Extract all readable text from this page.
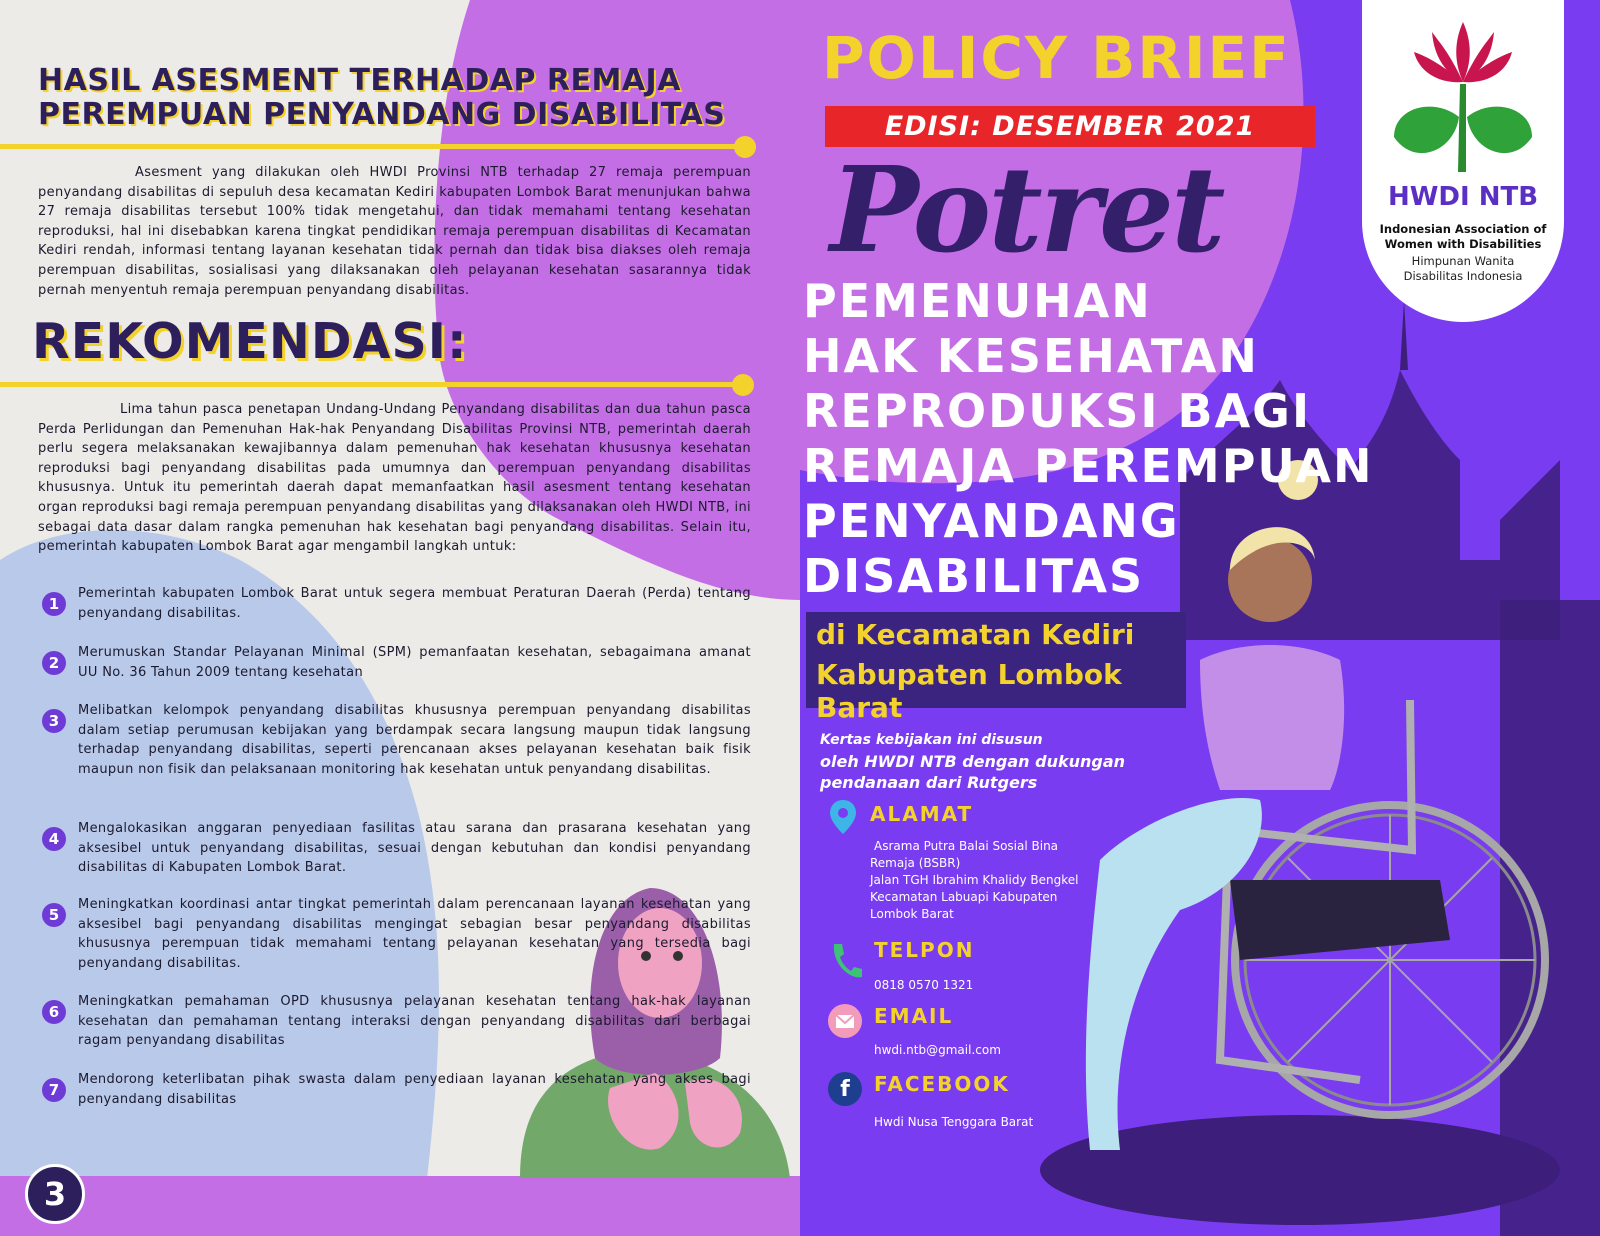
HASIL ASESMENT TERHADAP REMAJA
PEREMPUAN PENYANDANG DISABILITAS
Asesment yang dilakukan oleh HWDI Provinsi NTB terhadap 27 remaja perempuan penyandang disabilitas di sepuluh desa kecamatan Kediri kabupaten Lombok Barat menunjukan bahwa 27 remaja disabilitas tersebut 100% tidak mengetahui, dan tidak memahami tentang kesehatan reproduksi, hal ini disebabkan karena tingkat pendidikan remaja perempuan disabilitas di Kecamatan Kediri rendah, informasi tentang layanan kesehatan tidak pernah dan tidak bisa diakses oleh remaja perempuan disabilitas, sosialisasi yang dilaksanakan oleh pelayanan kesehatan sasarannya tidak pernah menyentuh remaja perempuan penyandang disabilitas.
REKOMENDASI:
Lima tahun pasca penetapan Undang-Undang Penyandang disabilitas dan dua tahun pasca Perda Perlidungan dan Pemenuhan Hak-hak Penyandang Disabilitas Provinsi NTB, pemerintah daerah perlu segera melaksanakan kewajibannya dalam pemenuhan hak kesehatan khususnya kesehatan reproduksi bagi penyandang disabilitas pada umumnya dan perempuan penyandang disabilitas khususnya. Untuk itu pemerintah daerah dapat memanfaatkan hasil asesment tentang kesehatan organ reproduksi bagi remaja perempuan penyandang disabilitas yang dilaksanakan oleh HWDI NTB, ini sebagai data dasar dalam rangka pemenuhan hak kesehatan bagi penyandang disabilitas. Selain itu, pemerintah kabupaten Lombok Barat agar mengambil langkah untuk:
1
Pemerintah kabupaten Lombok Barat untuk segera membuat Peraturan Daerah (Perda) tentang penyandang disabilitas.
2
Merumuskan Standar Pelayanan Minimal (SPM) pemanfaatan kesehatan, sebagaimana amanat UU No. 36 Tahun 2009 tentang kesehatan
3
Melibatkan kelompok penyandang disabilitas khususnya perempuan penyandang disabilitas dalam setiap perumusan kebijakan yang berdampak secara langsung maupun tidak langsung terhadap penyandang disabilitas, seperti perencanaan akses pelayanan kesehatan baik fisik maupun non fisik dan pelaksanaan monitoring hak kesehatan untuk penyandang disabilitas.
4
Mengalokasikan anggaran penyediaan fasilitas atau sarana dan prasarana kesehatan yang aksesibel untuk penyandang disabilitas, sesuai dengan kebutuhan dan kondisi penyandang disabilitas di Kabupaten Lombok Barat.
5
Meningkatkan koordinasi antar tingkat pemerintah dalam perencanaan layanan kesehatan yang aksesibel bagi penyandang disabilitas mengingat sebagian besar penyandang disabilitas khususnya perempuan tidak memahami tentang pelayanan kesehatan yang tersedia bagi penyandang disabilitas.
6
Meningkatkan pemahaman OPD khususnya pelayanan kesehatan tentang hak-hak layanan kesehatan dan pemahaman tentang interaksi dengan penyandang disabilitas dari berbagai ragam penyandang disabilitas
7
Mendorong keterlibatan pihak swasta dalam penyediaan layanan kesehatan yang akses bagi penyandang disabilitas
3
POLICY BRIEF
EDISI: DESEMBER 2021
Potret
PEMENUHAN
HAK KESEHATAN
REPRODUKSI BAGI
REMAJA PEREMPUAN
PENYANDANG
DISABILITAS
di Kecamatan Kediri
Kabupaten Lombok Barat
Kertas kebijakan ini disusun
oleh HWDI NTB dengan dukungan
pendanaan dari Rutgers
ALAMAT
Asrama Putra Balai Sosial Bina
Remaja (BSBR)
Jalan TGH Ibrahim Khalidy Bengkel
Kecamatan Labuapi Kabupaten
Lombok Barat
TELPON
0818 0570 1321
EMAIL
hwdi.ntb@gmail.com
f	FACEBOOK
Hwdi Nusa Tenggara Barat
HWDI NTB
Indonesian Association of
Women with Disabilities
Himpunan Wanita
Disabilitas Indonesia
